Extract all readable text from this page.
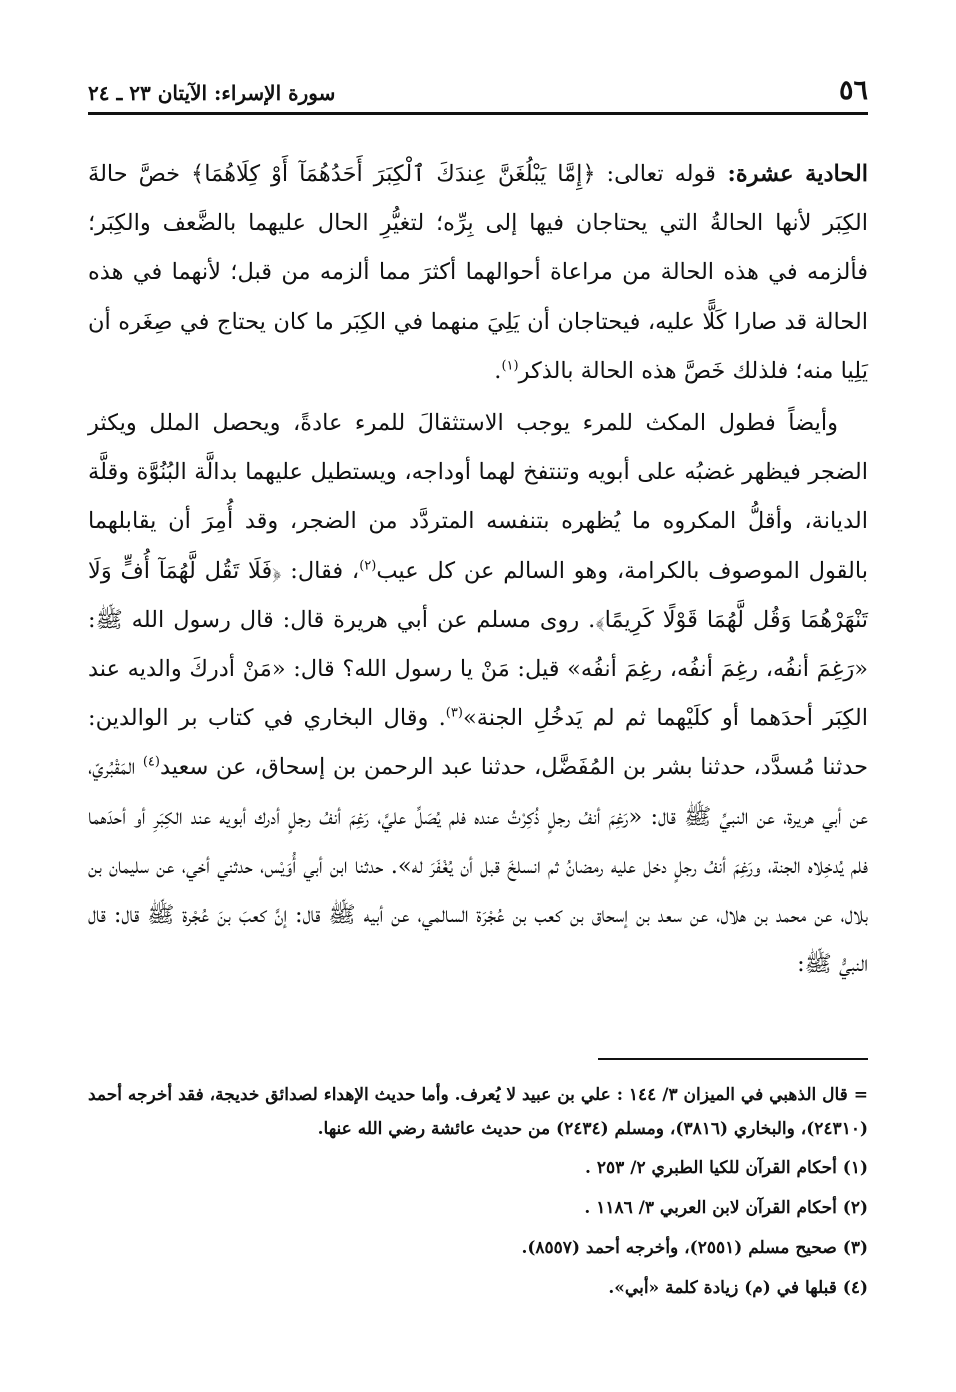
٥٦
سورة الإسراء: الآيتان ٢٣ ـ ٢٤

الحادية عشرة: قوله تعالى: ﴿إِمَّا يَبْلُغَنَّ عِندَكَ ٱلْكِبَرَ أَحَدُهُمَآ أَوْ كِلَاهُمَا﴾ خصَّ حالةَ الكِبَر لأنها الحالةُ التي يحتاجان فيها إلى بِرِّه؛ لتغيُّرِ الحال عليهما بالضَّعف والكِبَر؛ فألزمه في هذه الحالة من مراعاة أحوالهما أكثرَ مما ألزمه من قبل؛ لأنهما في هذه الحالة قد صارا كَلًّا عليه، فيحتاجان أن يَلِيَ منهما في الكِبَر ما كان يحتاج في صِغَره أن يَلِيا منه؛ فلذلك خَصَّ هذه الحالة بالذكر$^{(١)}$.

وأيضاً فطول المكث للمرء يوجب الاستثقالَ للمرء عادةً، ويحصل الملل ويكثر الضجر فيظهر غضبُه على أبويه وتنتفخ لهما أوداجه، ويستطيل عليهما بدالَّة البُنُوَّة وقلَّة الديانة، وأقلُّ المكروه ما يُظهره بتنفسه المتردَّد من الضجر، وقد أُمِرَ أن يقابلهما بالقول الموصوف بالكرامة، وهو السالم عن كل عيب$^{(٢)}$، فقال: ﴿فَلَا تَقُل لَّهُمَآ أُفٍّ وَلَا تَنْهَرْهُمَا وَقُل لَّهُمَا قَوْلًا كَرِيمًا﴾. روى مسلم عن أبي هريرة قال: قال رسول الله ﷺ: «رَغِمَ أنفُه، رغِمَ أنفُه، رغِمَ أنفُه» قيل: مَنْ يا رسول الله؟ قال: «مَنْ أدركَ والديه عند الكِبَر أحدَهما أو كلَيْهما ثم لم يَدخُلِ الجنة»$^{(٣)}$. وقال البخاري في كتاب بر الوالدين: حدثنا مُسدَّد، حدثنا بشر بن المُفَضَّل، حدثنا عبد الرحمن بن إسحاق، عن سعيد$^{(٤)}$ المَقْبُريّ، عن أبي هريرة، عن النبيِّ ﷺ قال: «رَغِمَ أنفُ رجلٍ ذُكِرْتُ عنده فلم يُصَلِّ عليَّ، رَغِمَ أنفُ رجلٍ أدرك أبويه عند الكِبَرِ أو أحدَهما فلم يُدخِلاه الجنة، ورَغِمَ أنفُ رجلٍ دخل عليه رمضانُ ثم انسلخَ قبل أن يُغْفَرَ له». حدثنا ابن أبي أُوَيْس، حدثني أخي، عن سليمان بن بلال، عن محمد بن هلال، عن سعد بن إسحاق بن كعب بن عُجْرَة السالمي، عن أبيه ﷺ قال: إنَّ كعبَ بنَ عُجْرة ﷺ قال: قال النبيُّ ﷺ:

= قال الذهبي في الميزان ٣/ ١٤٤ : علي بن عبيد لا يُعرف. وأما حديث الإهداء لصدائق خديجة، فقد أخرجه أحمد (٢٤٣١٠)، والبخاري (٣٨١٦)، ومسلم (٢٤٣٤) من حديث عائشة رضي الله عنها.

(١) أحكام القرآن للكيا الطبري ٢/ ٢٥٣ .

(٢) أحكام القرآن لابن العربي ٣/ ١١٨٦ .

(٣) صحيح مسلم (٢٥٥١)، وأخرجه أحمد (٨٥٥٧).

(٤) قبلها في (م) زيادة كلمة «أبي».
